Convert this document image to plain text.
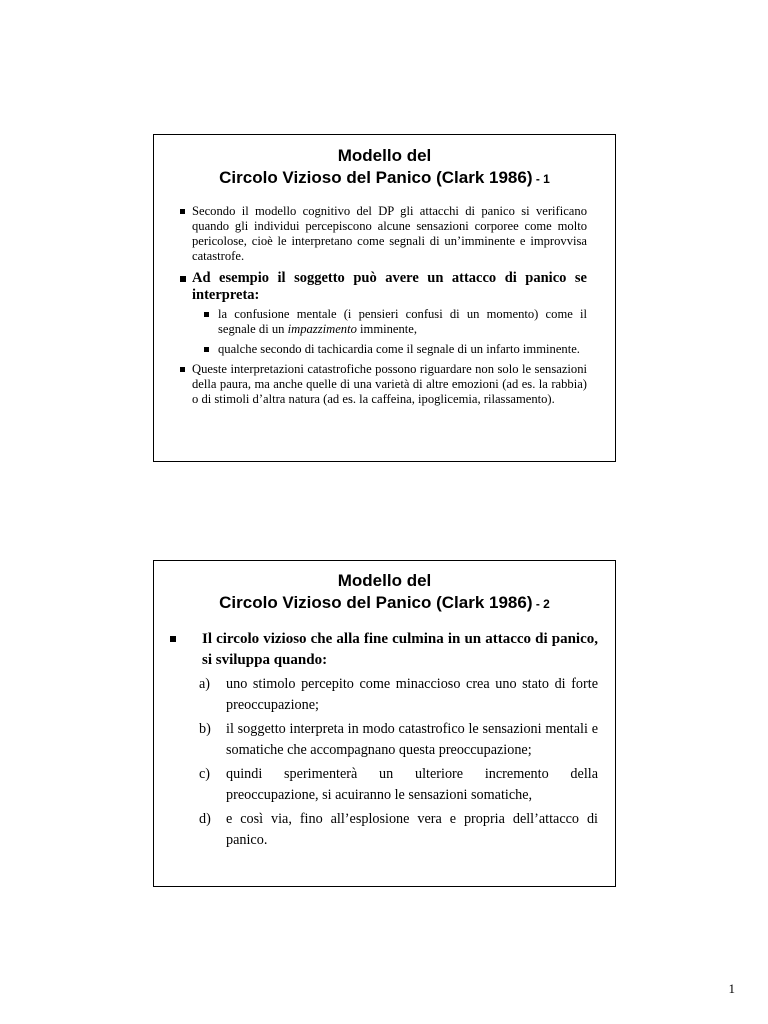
Modello del
Circolo Vizioso del Panico (Clark 1986) - 1
Secondo il modello cognitivo del DP gli attacchi di panico si verificano quando gli individui percepiscono alcune sensazioni corporee come molto pericolose, cioè le interpretano come segnali di un’imminente e improvvisa catastrofe.
Ad esempio il soggetto può avere un attacco di panico se interpreta:
la confusione mentale (i pensieri confusi di un momento) come il segnale di un impazzimento imminente,
qualche secondo di tachicardia come il segnale di un infarto imminente.
Queste interpretazioni catastrofiche possono riguardare non solo le sensazioni della paura, ma anche quelle di una varietà di altre emozioni (ad es. la rabbia) o di stimoli d’altra natura (ad es. la caffeina, ipoglicemia, rilassamento).
Modello del
Circolo Vizioso del Panico (Clark 1986) - 2
Il circolo vizioso che alla fine culmina in un attacco di panico, si sviluppa quando:
a) uno stimolo percepito come minaccioso crea uno stato di forte preoccupazione;
b) il soggetto interpreta in modo catastrofico le sensazioni mentali e somatiche che accompagnano questa preoccupazione;
c) quindi sperimenterà un ulteriore incremento della preoccupazione, si acuiranno le sensazioni somatiche,
d) e così via, fino all’esplosione vera e propria dell’attacco di panico.
1
